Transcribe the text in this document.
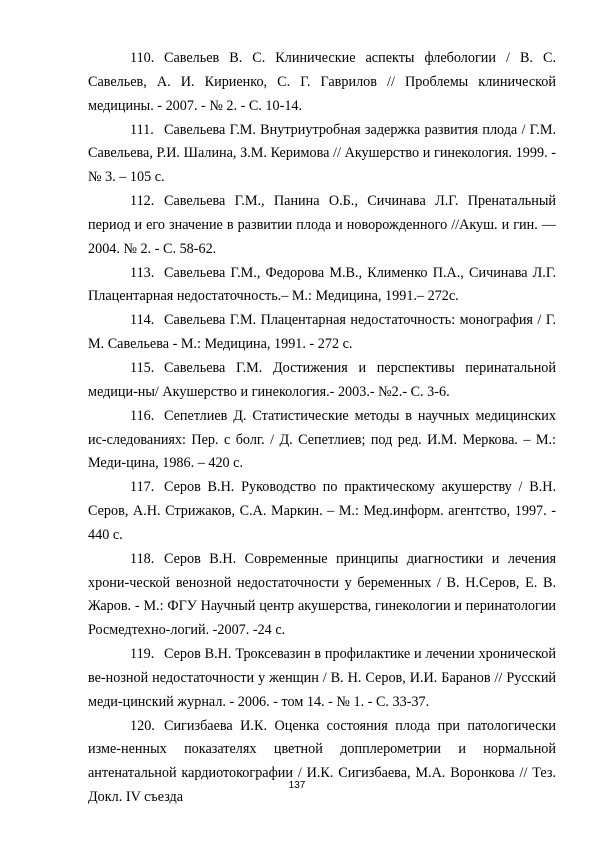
110. Савельев В. С. Клинические аспекты флебологии / В. С. Савельев, А. И. Кириенко, С. Г. Гаврилов // Проблемы клинической медицины. - 2007. - № 2. - С. 10-14.

111. Савельева Г.М. Внутриутробная задержка развития плода / Г.М. Савельева, Р.И. Шалина, З.М. Керимова // Акушерство и гинекология. 1999. - № 3. – 105 с.

112. Савельева Г.М., Панина О.Б., Сичинава Л.Г. Пренатальный период и его значение в развитии плода и новорожденного //Акуш. и гин. — 2004. № 2. - С. 58-62.

113. Савельева Г.М., Федорова М.В., Клименко П.А., Сичинава Л.Г. Плацентарная недостаточность.– М.: Медицина, 1991.– 272с.

114. Савельева Г.М. Плацентарная недостаточность: монография / Г. М. Савельева - М.: Медицина, 1991. - 272 с.

115. Савельева Г.М. Достижения и перспективы перинатальной медици-ны/ Акушерство и гинекология.- 2003.- №2.- С. 3-6.

116. Сепетлиев Д. Статистические методы в научных медицинских ис-следованиях: Пер. с болг. / Д. Сепетлиев; под ред. И.М. Меркова. – М.: Меди-цина, 1986. – 420 с.

117. Серов В.Н. Руководство по практическому акушерству / В.Н. Серов, А.Н. Стрижаков, С.А. Маркин. – М.: Мед.информ. агентство, 1997. - 440 с.

118. Серов В.Н. Современные принципы диагностики и лечения хрони-ческой венозной недостаточности у беременных / В. Н.Серов, Е. В. Жаров. - М.: ФГУ Научный центр акушерства, гинекологии и перинатологии Росмедтехно-логий. -2007. -24 с.

119. Серов В.Н. Троксевазин в профилактике и лечении хронической ве-нозной недостаточности у женщин / В. Н. Серов, И.И. Баранов // Русский меди-цинский журнал. - 2006. - том 14. - № 1. - С. 33-37.

120. Сигизбаева И.К. Оценка состояния плода при патологически изме-ненных показателях цветной допплерометрии и нормальной антенатальной кардиотокографии / И.К. Сигизбаева, М.А. Воронкова // Тез. Докл. IV съезда

137
